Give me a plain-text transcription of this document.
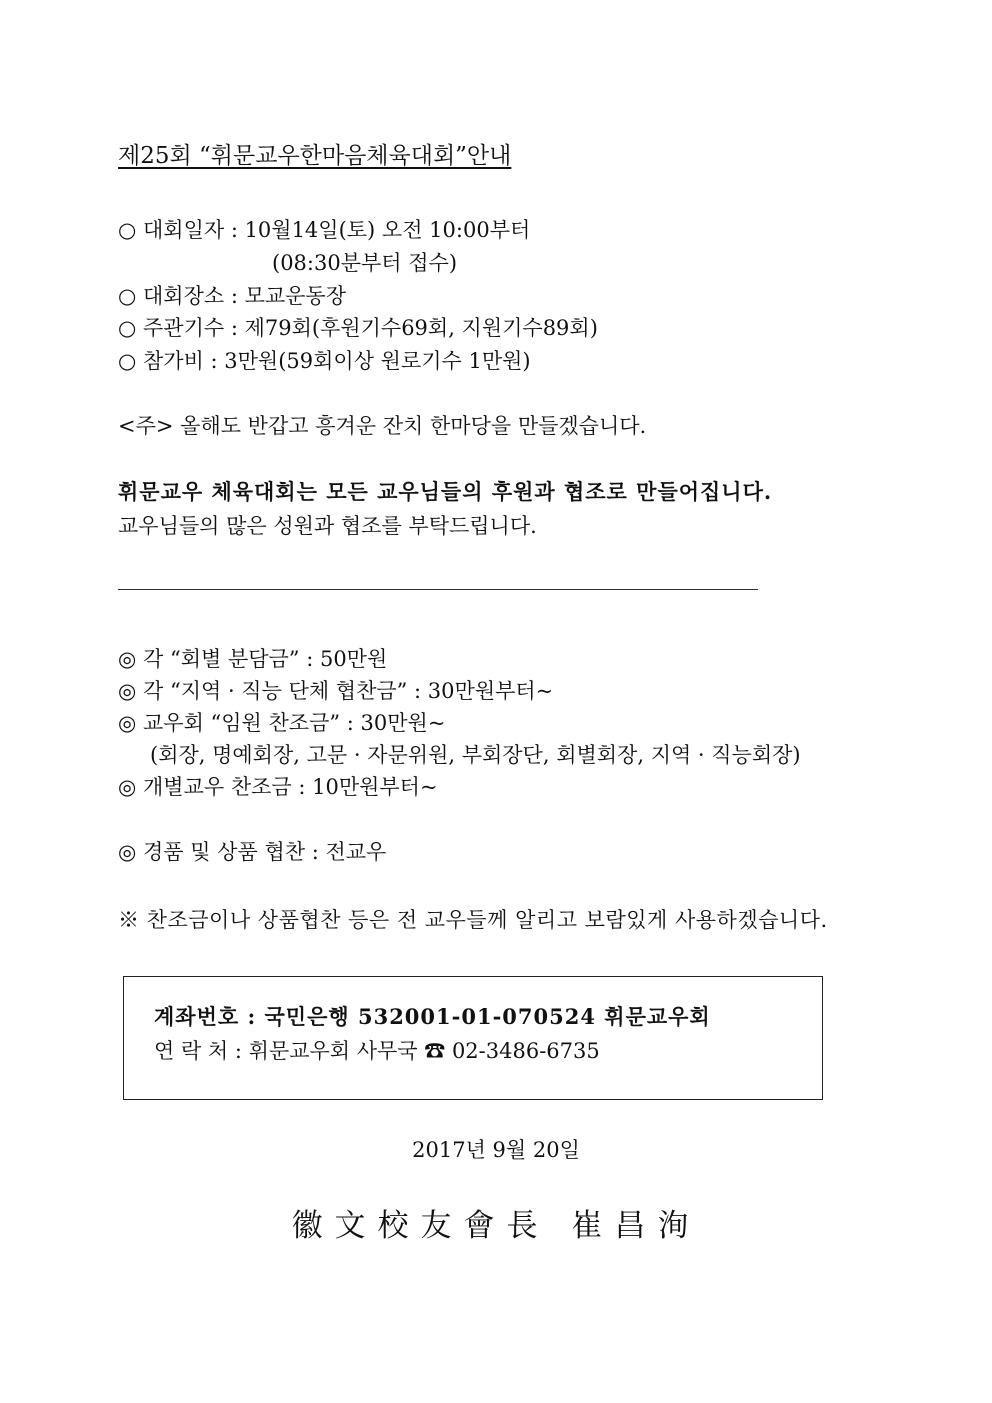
제25회 “휘문교우한마음체육대회”안내
○ 대회일자 : 10월14일(토) 오전 10:00부터
(08:30분부터 접수)
○ 대회장소 : 모교운동장
○ 주관기수 : 제79회(후원기수69회, 지원기수89회)
○ 참가비 : 3만원(59회이상 원로기수 1만원)
<주> 올해도 반갑고 흥겨운 잔치 한마당을 만들겠습니다.
휘문교우 체육대회는 모든 교우님들의 후원과 협조로 만들어집니다.
교우님들의 많은 성원과 협조를 부탁드립니다.
◎ 각 “회별 분담금” : 50만원
◎ 각 “지역 · 직능 단체 협찬금” : 30만원부터~
◎ 교우회 “임원 찬조금” : 30만원~
(회장, 명예회장, 고문 · 자문위원, 부회장단, 회별회장, 지역 · 직능회장)
◎ 개별교우 찬조금 : 10만원부터~
◎ 경품 및 상품 협찬 : 전교우
※ 찬조금이나 상품협찬 등은 전 교우들께 알리고 보람있게 사용하겠습니다.
계좌번호 : 국민은행 532001-01-070524 휘문교우회
연 락 처 : 휘문교우회 사무국 ☎ 02-3486-6735
2017년 9월 20일
徽文校友會長 崔昌洵
